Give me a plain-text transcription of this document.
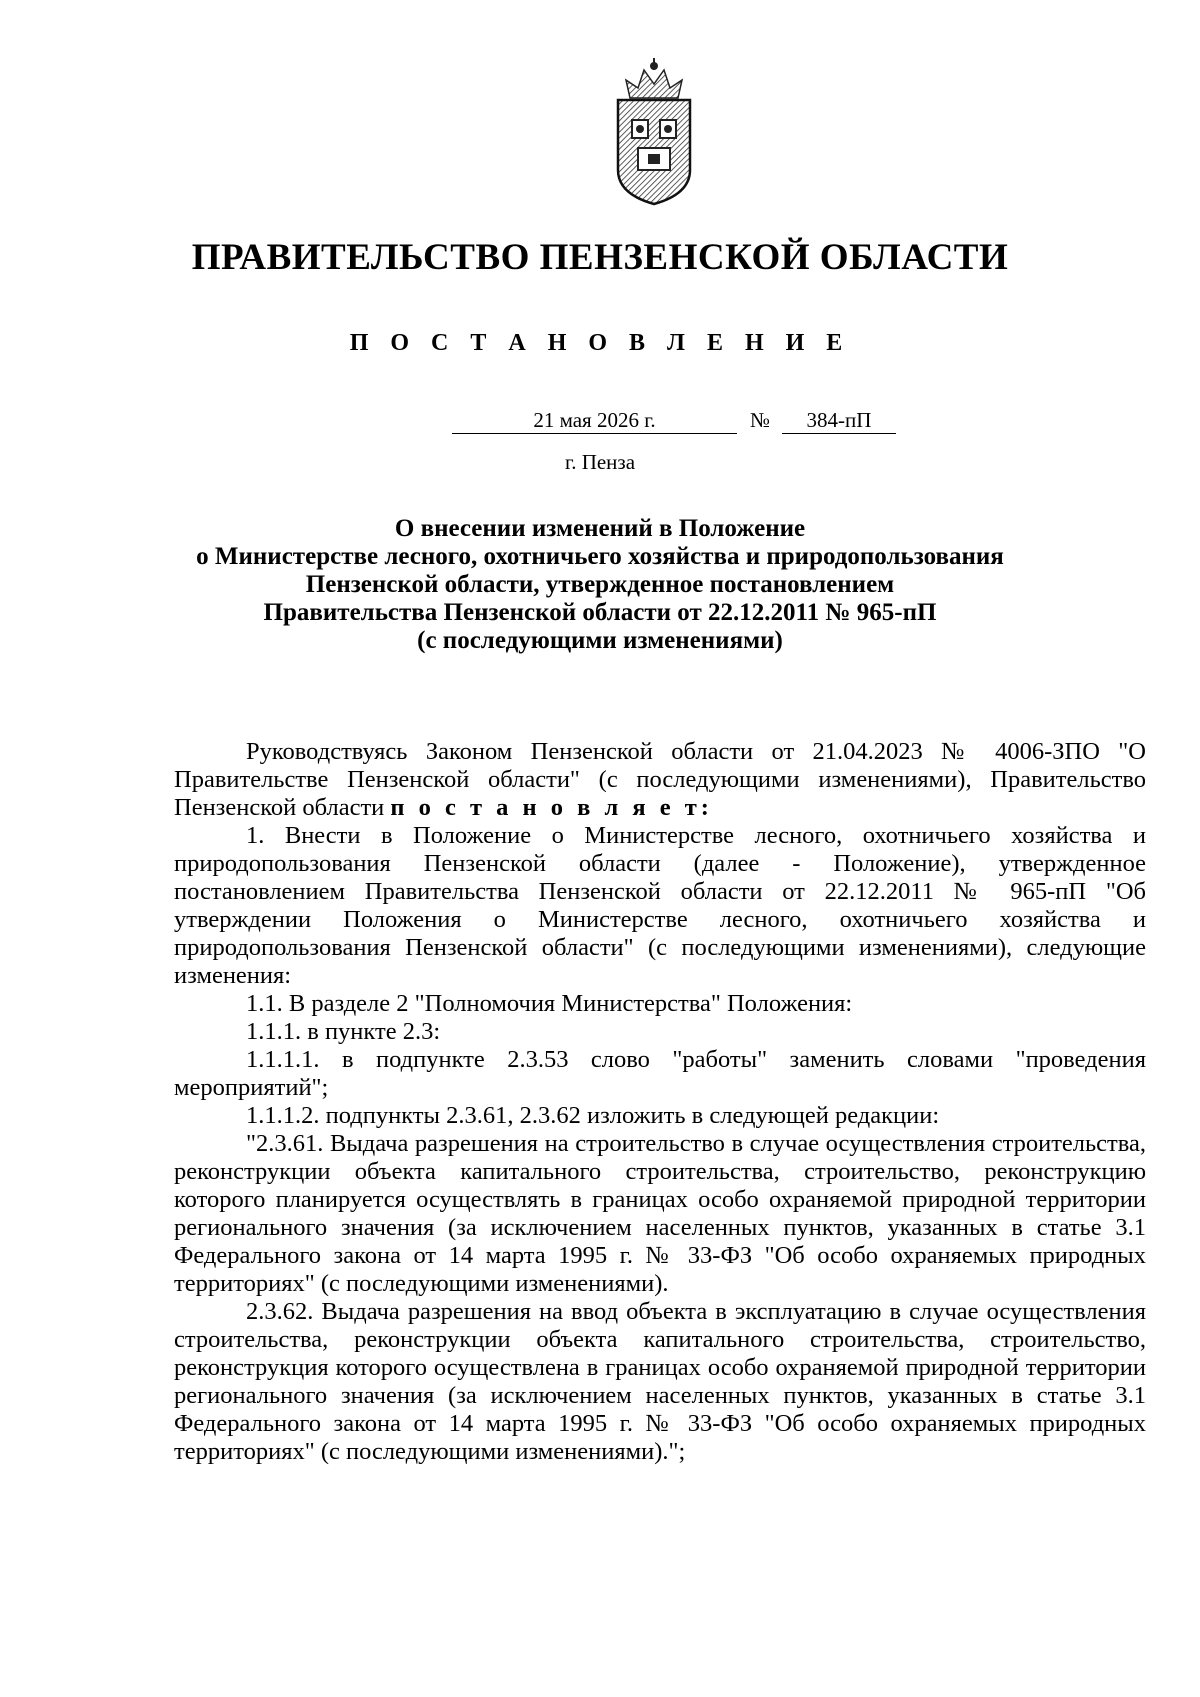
ПРАВИТЕЛЬСТВО ПЕНЗЕНСКОЙ ОБЛАСТИ
П О С Т А Н О В Л Е Н И Е
21 мая 2026 г.	№	384-пП
г. Пенза
О внесении изменений в Положение
о Министерстве лесного, охотничьего хозяйства и природопользования
Пензенской области, утвержденное постановлением
Правительства Пензенской области от 22.12.2011 № 965-пП
(с последующими изменениями)

Руководствуясь Законом Пензенской области от 21.04.2023 № 4006-ЗПО "О Правительстве Пензенской области" (с последующими изменениями), Правительство Пензенской области п о с т а н о в л я е т:

1. Внести в Положение о Министерстве лесного, охотничьего хозяйства и природопользования Пензенской области (далее - Положение), утвержденное постановлением Правительства Пензенской области от 22.12.2011 № 965-пП "Об утверждении Положения о Министерстве лесного, охотничьего хозяйства и природопользования Пензенской области" (с последующими изменениями), следующие изменения:

1.1. В разделе 2 "Полномочия Министерства" Положения:

1.1.1. в пункте 2.3:

1.1.1.1. в подпункте 2.3.53 слово "работы" заменить словами "проведения мероприятий";

1.1.1.2. подпункты 2.3.61, 2.3.62 изложить в следующей редакции:

"2.3.61. Выдача разрешения на строительство в случае осуществления строительства, реконструкции объекта капитального строительства, строительство, реконструкцию которого планируется осуществлять в границах особо охраняемой природной территории регионального значения (за исключением населенных пунктов, указанных в статье 3.1 Федерального закона от 14 марта 1995 г. № 33-ФЗ "Об особо охраняемых природных территориях" (с последующими изменениями).

2.3.62. Выдача разрешения на ввод объекта в эксплуатацию в случае осуществления строительства, реконструкции объекта капитального строительства, строительство, реконструкция которого осуществлена в границах особо охраняемой природной территории регионального значения (за исключением населенных пунктов, указанных в статье 3.1 Федерального закона от 14 марта 1995 г. № 33-ФЗ "Об особо охраняемых природных территориях" (с последующими изменениями).";
